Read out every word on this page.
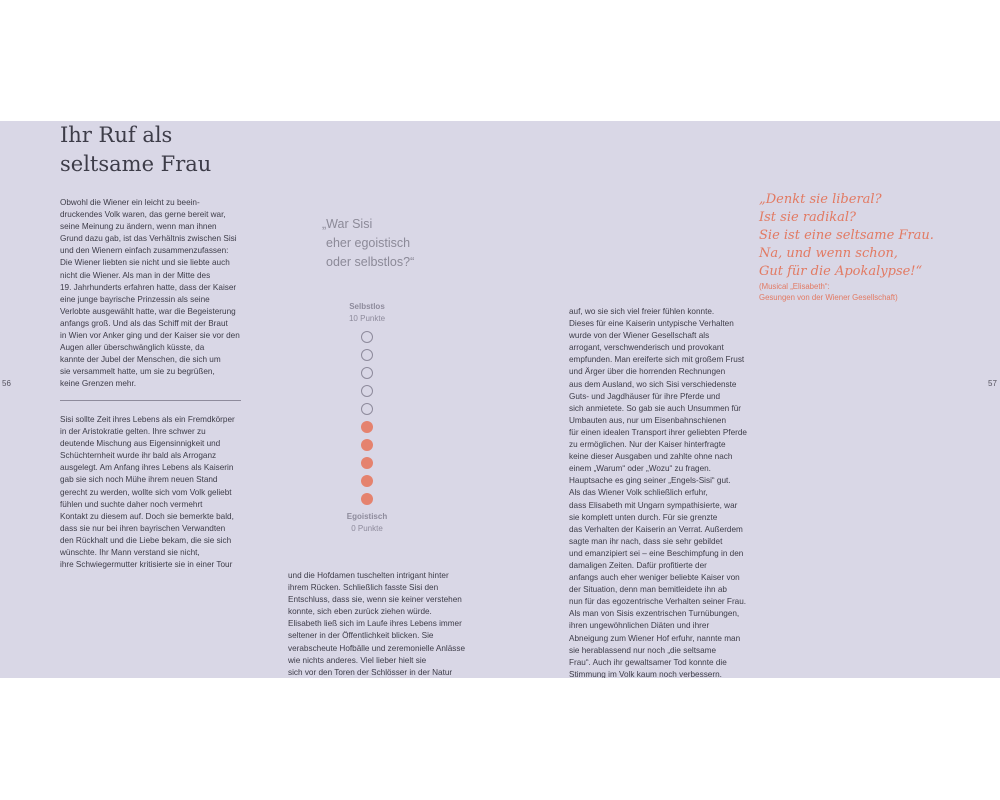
Ihr Ruf als
seltsame Frau

Obwohl die Wiener ein leicht zu beein-

druckendes Volk waren, das gerne bereit war,

seine Meinung zu ändern, wenn man ihnen

Grund dazu gab, ist das Verhältnis zwischen Sisi

und den Wienern einfach zusammenzufassen:

Die Wiener liebten sie nicht und sie liebte auch

nicht die Wiener. Als man in der Mitte des

19. Jahrhunderts erfahren hatte, dass der Kaiser

eine junge bayrische Prinzessin als seine

Verlobte ausgewählt hatte, war die Begeisterung

anfangs groß. Und als das Schiff mit der Braut

in Wien vor Anker ging und der Kaiser sie vor den

Augen aller überschwänglich küsste, da

kannte der Jubel der Menschen, die sich um

sie versammelt hatte, um sie zu begrüßen,

keine Grenzen mehr.

Sisi sollte Zeit ihres Lebens als ein Fremdkörper

in der Aristokratie gelten. Ihre schwer zu

deutende Mischung aus Eigensinnigkeit und

Schüchternheit wurde ihr bald als Arroganz

ausgelegt. Am Anfang ihres Lebens als Kaiserin

gab sie sich noch Mühe ihrem neuen Stand

gerecht zu werden, wollte sich vom Volk geliebt

fühlen und suchte daher noch vermehrt

Kontakt zu diesem auf. Doch sie bemerkte bald,

dass sie nur bei ihren bayrischen Verwandten

den Rückhalt und die Liebe bekam, die sie sich

wünschte. Ihr Mann verstand sie nicht,

ihre Schwiegermutter kritisierte sie in einer Tour

und die Hofdamen tuschelten intrigant hinter

ihrem Rücken. Schließlich fasste Sisi den

Entschluss, dass sie, wenn sie keiner verstehen

konnte, sich eben zurück ziehen würde.

Elisabeth ließ sich im Laufe ihres Lebens immer

seltener in der Öffentlichkeit blicken. Sie

verabscheute Hofbälle und zeremonielle Anlässe

wie nichts anderes. Viel lieber hielt sie

sich vor den Toren der Schlösser in der Natur

auf, wo sie sich viel freier fühlen konnte.

Dieses für eine Kaiserin untypische Verhalten

wurde von der Wiener Gesellschaft als

arrogant, verschwenderisch und provokant

empfunden. Man ereiferte sich mit großem Frust

und Ärger über die horrenden Rechnungen

aus dem Ausland, wo sich Sisi verschiedenste

Guts- und Jagdhäuser für ihre Pferde und

sich anmietete. So gab sie auch Unsummen für

Umbauten aus, nur um Eisenbahnschienen

für einen idealen Transport ihrer geliebten Pferde

zu ermöglichen. Nur der Kaiser hinterfragte

keine dieser Ausgaben und zahlte ohne nach

einem „Warum“ oder „Wozu“ zu fragen.

Hauptsache es ging seiner „Engels-Sisi“ gut.

Als das Wiener Volk schließlich erfuhr,

dass Elisabeth mit Ungarn sympathisierte, war

sie komplett unten durch. Für sie grenzte

das Verhalten der Kaiserin an Verrat. Außerdem

sagte man ihr nach, dass sie sehr gebildet

und emanzipiert sei – eine Beschimpfung in den

damaligen Zeiten. Dafür profitierte der

anfangs auch eher weniger beliebte Kaiser von

der Situation, denn man bemitleidete ihn ab

nun für das egozentrische Verhalten seiner Frau.

Als man von Sisis exzentrischen Turnübungen,

ihren ungewöhnlichen Diäten und ihrer

Abneigung zum Wiener Hof erfuhr, nannte man

sie herablassend nur noch „die seltsame

Frau“. Auch ihr gewaltsamer Tod konnte die

Stimmung im Volk kaum noch verbessern.

56	57

„War Sisi
eher egoistisch
oder selbstlos?“

Selbstlos

10 Punkte

Egoistisch

0 Punkte

„Denkt sie liberal?
Ist sie radikal?
Sie ist eine seltsame Frau.
Na, und wenn schon,
Gut für die Apokalypse!“

(Musical „Elisabeth“:
Gesungen von der Wiener Gesellschaft)
